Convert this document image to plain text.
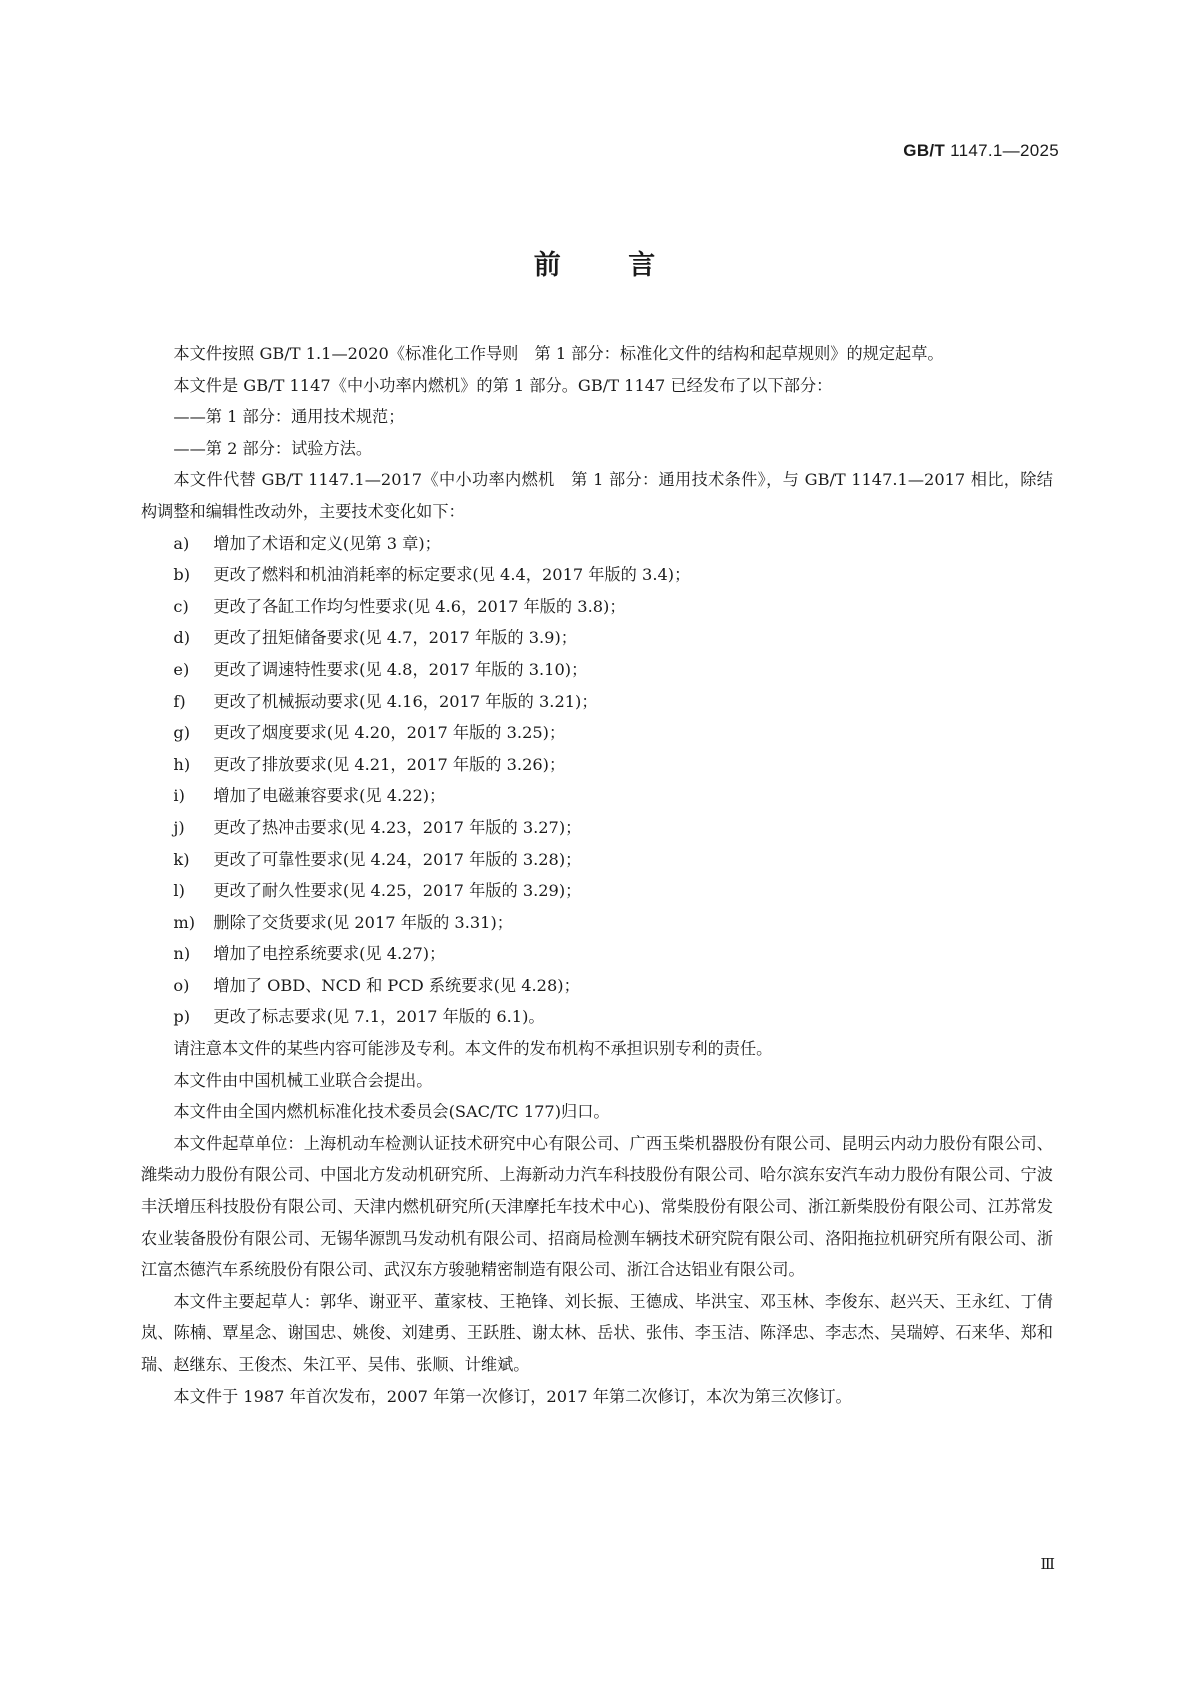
GB/T 1147.1—2025
前 言

本文件按照 GB/T 1.1—2020《标准化工作导则　第 1 部分：标准化文件的结构和起草规则》的规定起草。

本文件是 GB/T 1147《中小功率内燃机》的第 1 部分。GB/T 1147 已经发布了以下部分：

——第 1 部分：通用技术规范；

——第 2 部分：试验方法。

本文件代替 GB/T 1147.1—2017《中小功率内燃机　第 1 部分：通用技术条件》，与 GB/T 1147.1—2017 相比，除结构调整和编辑性改动外，主要技术变化如下：

a) 增加了术语和定义(见第 3 章)；
b) 更改了燃料和机油消耗率的标定要求(见 4.4，2017 年版的 3.4)；
c) 更改了各缸工作均匀性要求(见 4.6，2017 年版的 3.8)；
d) 更改了扭矩储备要求(见 4.7，2017 年版的 3.9)；
e) 更改了调速特性要求(见 4.8，2017 年版的 3.10)；
f) 更改了机械振动要求(见 4.16，2017 年版的 3.21)；
g) 更改了烟度要求(见 4.20，2017 年版的 3.25)；
h) 更改了排放要求(见 4.21，2017 年版的 3.26)；
i) 增加了电磁兼容要求(见 4.22)；
j) 更改了热冲击要求(见 4.23，2017 年版的 3.27)；
k) 更改了可靠性要求(见 4.24，2017 年版的 3.28)；
l) 更改了耐久性要求(见 4.25，2017 年版的 3.29)；
m) 删除了交货要求(见 2017 年版的 3.31)；
n) 增加了电控系统要求(见 4.27)；
o) 增加了 OBD、NCD 和 PCD 系统要求(见 4.28)；
p) 更改了标志要求(见 7.1，2017 年版的 6.1)。

请注意本文件的某些内容可能涉及专利。本文件的发布机构不承担识别专利的责任。

本文件由中国机械工业联合会提出。

本文件由全国内燃机标准化技术委员会(SAC/TC 177)归口。

本文件起草单位：上海机动车检测认证技术研究中心有限公司、广西玉柴机器股份有限公司、昆明云内动力股份有限公司、潍柴动力股份有限公司、中国北方发动机研究所、上海新动力汽车科技股份有限公司、哈尔滨东安汽车动力股份有限公司、宁波丰沃增压科技股份有限公司、天津内燃机研究所(天津摩托车技术中心)、常柴股份有限公司、浙江新柴股份有限公司、江苏常发农业装备股份有限公司、无锡华源凯马发动机有限公司、招商局检测车辆技术研究院有限公司、洛阳拖拉机研究所有限公司、浙江富杰德汽车系统股份有限公司、武汉东方骏驰精密制造有限公司、浙江合达铝业有限公司。

本文件主要起草人：郭华、谢亚平、董家枝、王艳锋、刘长振、王德成、毕洪宝、邓玉林、李俊东、赵兴天、王永红、丁倩岚、陈楠、覃星念、谢国忠、姚俊、刘建勇、王跃胜、谢太林、岳状、张伟、李玉洁、陈泽忠、李志杰、吴瑞婷、石来华、郑和瑞、赵继东、王俊杰、朱江平、吴伟、张顺、计维斌。

本文件于 1987 年首次发布，2007 年第一次修订，2017 年第二次修订，本次为第三次修订。

Ⅲ
